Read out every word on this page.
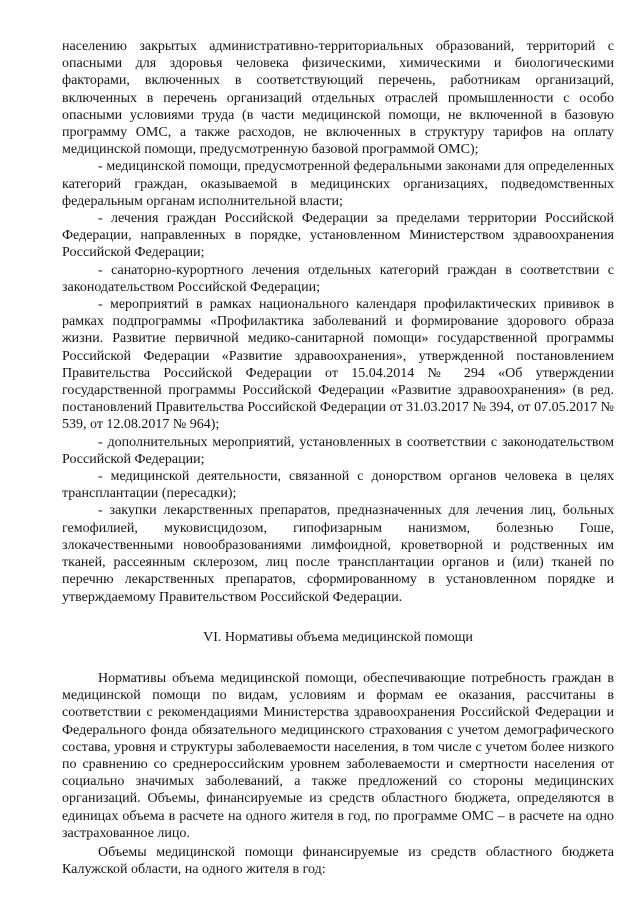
населению закрытых административно-территориальных образований, территорий с опасными для здоровья человека физическими, химическими и биологическими факторами, включенных в соответствующий перечень, работникам организаций, включенных в перечень организаций отдельных отраслей промышленности с особо опасными условиями труда (в части медицинской помощи, не включенной в базовую программу ОМС, а также расходов, не включенных в структуру тарифов на оплату медицинской помощи, предусмотренную базовой программой ОМС);

- медицинской помощи, предусмотренной федеральными законами для определенных категорий граждан, оказываемой в медицинских организациях, подведомственных федеральным органам исполнительной власти;

- лечения граждан Российской Федерации за пределами территории Российской Федерации, направленных в порядке, установленном Министерством здравоохранения Российской Федерации;

- санаторно-курортного лечения отдельных категорий граждан в соответствии с законодательством Российской Федерации;

- мероприятий в рамках национального календаря профилактических прививок в рамках подпрограммы «Профилактика заболеваний и формирование здорового образа жизни. Развитие первичной медико-санитарной помощи» государственной программы Российской Федерации «Развитие здравоохранения», утвержденной постановлением Правительства Российской Федерации от 15.04.2014 № 294 «Об утверждении государственной программы Российской Федерации «Развитие здравоохранения» (в ред. постановлений Правительства Российской Федерации от 31.03.2017 № 394, от 07.05.2017 № 539, от 12.08.2017 № 964);

- дополнительных мероприятий, установленных в соответствии с законодательством Российской Федерации;

- медицинской деятельности, связанной с донорством органов человека в целях трансплантации (пересадки);

- закупки лекарственных препаратов, предназначенных для лечения лиц, больных гемофилией, муковисцидозом, гипофизарным нанизмом, болезнью Гоше, злокачественными новообразованиями лимфоидной, кроветворной и родственных им тканей, рассеянным склерозом, лиц после трансплантации органов и (или) тканей по перечню лекарственных препаратов, сформированному в установленном порядке и утверждаемому Правительством Российской Федерации.

VI. Нормативы объема медицинской помощи

Нормативы объема медицинской помощи, обеспечивающие потребность граждан в медицинской помощи по видам, условиям и формам ее оказания, рассчитаны в соответствии с рекомендациями Министерства здравоохранения Российской Федерации и Федерального фонда обязательного медицинского страхования с учетом демографического состава, уровня и структуры заболеваемости населения, в том числе с учетом более низкого по сравнению со среднероссийским уровнем заболеваемости и смертности населения от социально значимых заболеваний, а также предложений со стороны медицинских организаций. Объемы, финансируемые из средств областного бюджета, определяются в единицах объема в расчете на одного жителя в год, по программе ОМС – в расчете на одно застрахованное лицо.

Объемы медицинской помощи финансируемые из средств областного бюджета Калужской области, на одного жителя в год:
